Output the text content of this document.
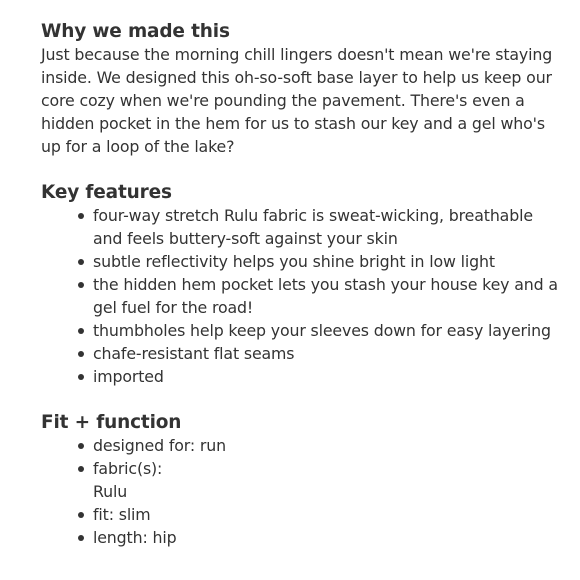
Why we made this

Just because the morning chill lingers doesn't mean we're staying inside. We designed this oh-so-soft base layer to help us keep our core cozy when we're pounding the pavement. There's even a hidden pocket in the hem for us to stash our key and a gel who's up for a loop of the lake?

Key features
four-way stretch Rulu fabric is sweat-wicking, breathable and feels buttery-soft against your skin
subtle reflectivity helps you shine bright in low light
the hidden hem pocket lets you stash your house key and a gel fuel for the road!
thumbholes help keep your sleeves down for easy layering
chafe-resistant flat seams
imported
Fit + function
designed for: run
fabric(s):
Rulu
fit: slim
length: hip
